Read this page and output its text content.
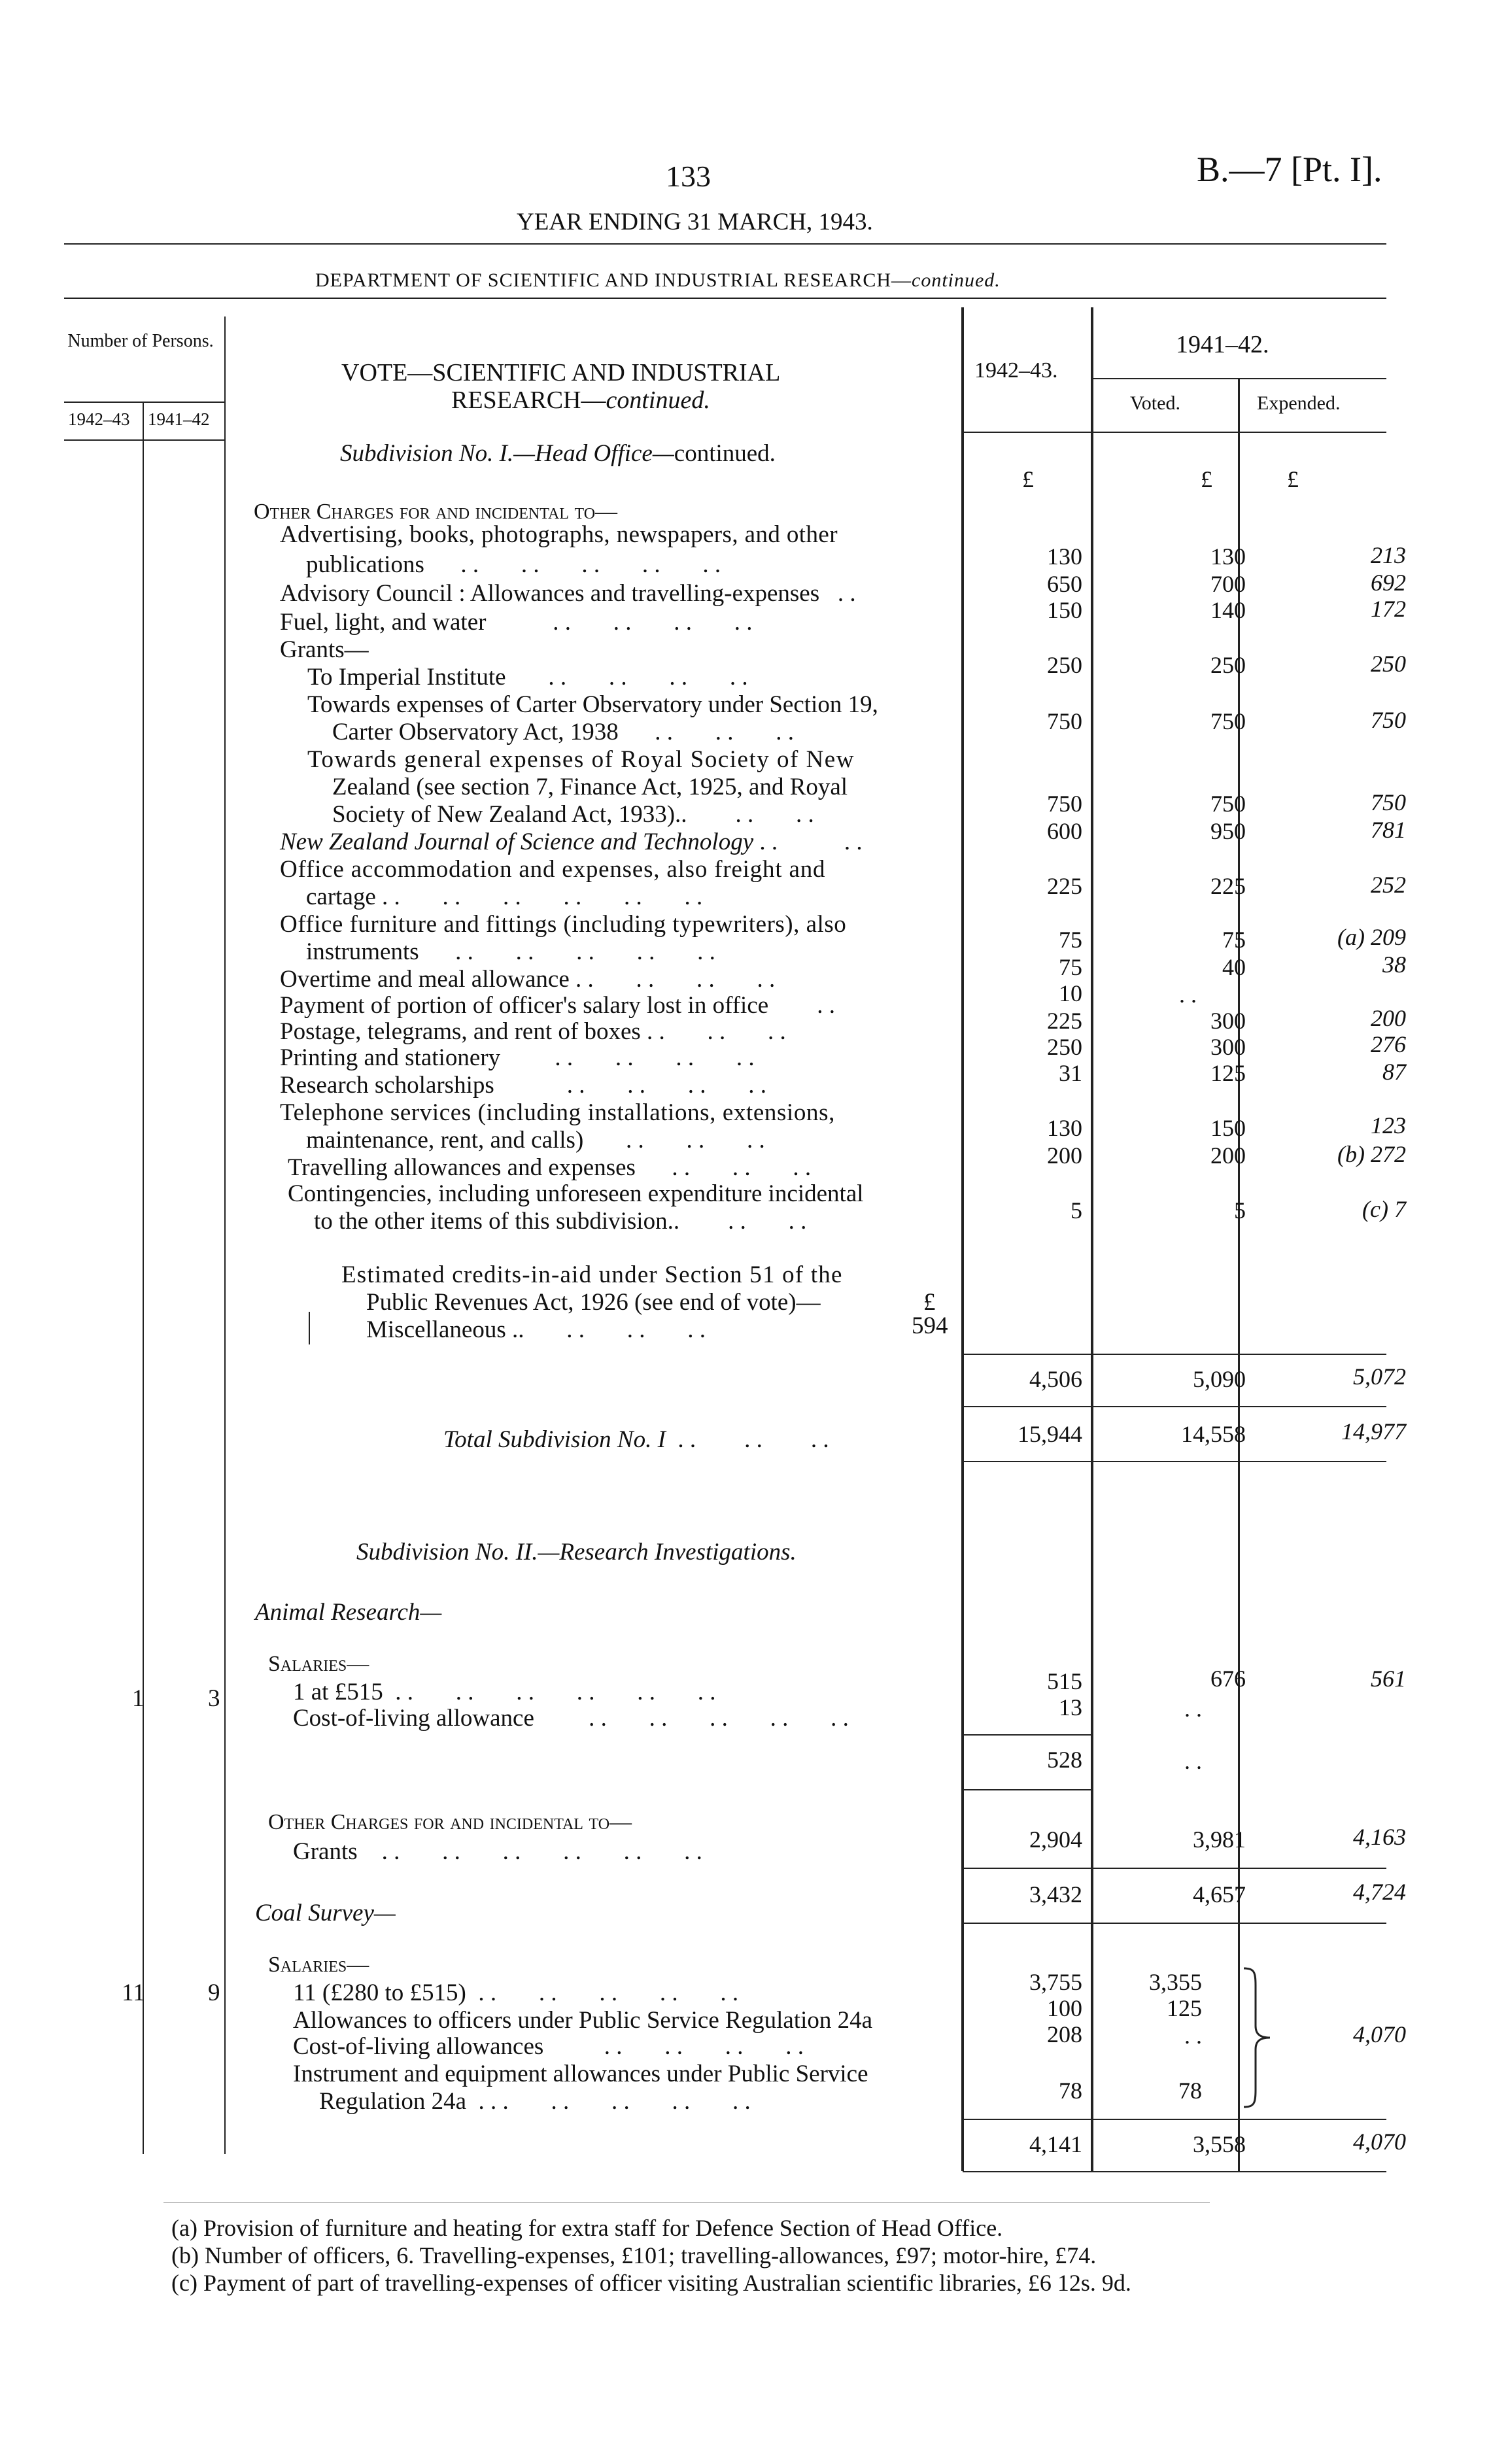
133	B.—7 [Pt. I].
YEAR ENDING 31 MARCH, 1943.
DEPARTMENT OF SCIENTIFIC AND INDUSTRIAL RESEARCH—continued.
Number of Persons.
1942–43 1941–42
VOTE—SCIENTIFIC AND INDUSTRIAL
RESEARCH—continued.
1942–43.
1941–42.
Voted.	Expended.
£	£	£
Subdivision No. I.—Head Office—continued.
Other Charges for and incidental to—
Advertising, books, photographs, newspapers, and other
publications      . .       . .       . .       . .       . .	130	130	213
Advisory Council : Allowances and travelling-expenses   . .	650	700	692
Fuel, light, and water           . .       . .       . .       . .	150	140	172
Grants—
To Imperial Institute       . .       . .       . .       . .	250	250	250
Towards expenses of Carter Observatory under Section 19,
Carter Observatory Act, 1938      . .       . .       . .	750	750	750
Towards general expenses of Royal Society of New
Zealand (see section 7, Finance Act, 1925, and Royal
Society of New Zealand Act, 1933)..        . .       . .	750	750	750
New Zealand Journal of Science and Technology . .           . .	600	950	781
Office accommodation and expenses, also freight and
cartage . .       . .       . .       . .       . .       . .	225	225	252
Office furniture and fittings (including typewriters), also
instruments      . .       . .       . .       . .       . .	75	75	(a) 209
Overtime and meal allowance . .       . .       . .       . .	75	40	38
Payment of portion of officer's salary lost in office        . .	10	. .
Postage, telegrams, and rent of boxes . .       . .       . .	225	300	200
Printing and stationery         . .       . .       . .       . .	250	300	276
Research scholarships            . .       . .       . .       . .	31	125	87
Telephone services (including installations, extensions,
maintenance, rent, and calls)       . .       . .       . .	130	150	123
Travelling allowances and expenses      . .       . .       . .	200	200	(b) 272
Contingencies, including unforeseen expenditure incidental
to the other items of this subdivision..        . .       . .	5	5	(c) 7
Estimated credits-in-aid under Section 51 of the
Public Revenues Act, 1926 (see end of vote)—	£
Miscellaneous ..       . .       . .       . .	594
4,506	5,090	5,072
Total Subdivision No. I  . .        . .        . .	15,944	14,558	14,977
Subdivision No. II.—Research Investigations.
Animal Research—
Salaries—
1	3	1 at £515  . .       . .       . .       . .       . .       . .	515	676	561
Cost-of-living allowance         . .       . .       . .       . .       . .	13	. .
528	. .
Other Charges for and incidental to—
Grants    . .       . .       . .       . .       . .       . .	2,904	3,981	4,163
3,432	4,657	4,724
Coal Survey—
Salaries—
11	9	11 (£280 to £515)  . .       . .       . .       . .       . .	3,755	3,355
Allowances to officers under Public Service Regulation 24a	100	125
Cost-of-living allowances          . .       . .       . .       . .	208	. .
Instrument and equipment allowances under Public Service
Regulation 24a  . . .       . .       . .       . .       . .	78	78
4,070
4,141	3,558	4,070
(a) Provision of furniture and heating for extra staff for Defence Section of Head Office.
(b) Number of officers, 6. Travelling-expenses, £101; travelling-allowances, £97; motor-hire, £74.
(c) Payment of part of travelling-expenses of officer visiting Australian scientific libraries, £6 12s. 9d.
